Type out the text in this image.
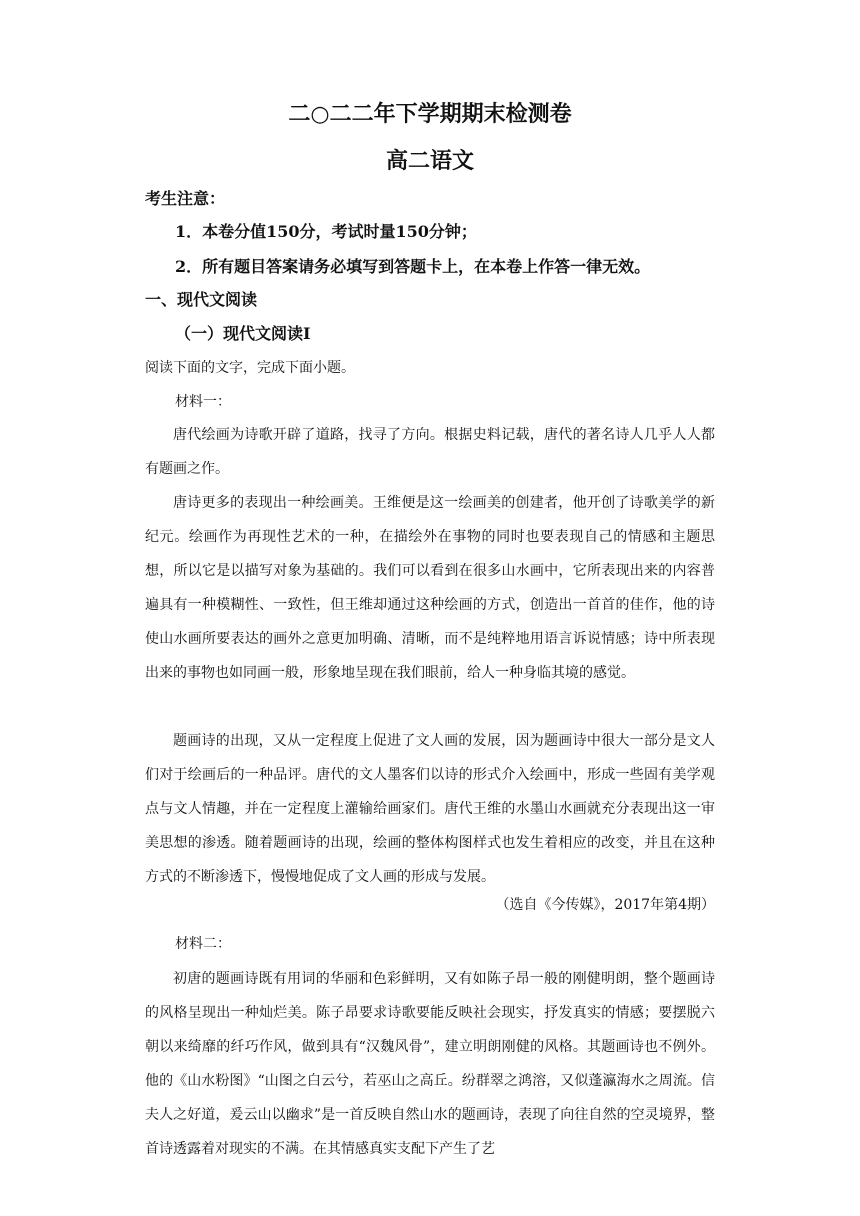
二○二二年下学期期末检测卷
高二语文
考生注意：
1．本卷分值150分，考试时量150分钟；
2．所有题目答案请务必填写到答题卡上，在本卷上作答一律无效。
一、现代文阅读
（一）现代文阅读I
阅读下面的文字，完成下面小题。
材料一：
唐代绘画为诗歌开辟了道路，找寻了方向。根据史料记载，唐代的著名诗人几乎人人都有题画之作。
唐诗更多的表现出一种绘画美。王维便是这一绘画美的创建者，他开创了诗歌美学的新纪元。绘画作为再现性艺术的一种，在描绘外在事物的同时也要表现自己的情感和主题思想，所以它是以描写对象为基础的。我们可以看到在很多山水画中，它所表现出来的内容普遍具有一种模糊性、一致性，但王维却通过这种绘画的方式，创造出一首首的佳作，他的诗使山水画所要表达的画外之意更加明确、清晰，而不是纯粹地用语言诉说情感；诗中所表现出来的事物也如同画一般，形象地呈现在我们眼前，给人一种身临其境的感觉。
题画诗的出现，又从一定程度上促进了文人画的发展，因为题画诗中很大一部分是文人们对于绘画后的一种品评。唐代的文人墨客们以诗的形式介入绘画中，形成一些固有美学观点与文人情趣，并在一定程度上灌输给画家们。唐代王维的水墨山水画就充分表现出这一审美思想的渗透。随着题画诗的出现，绘画的整体构图样式也发生着相应的改变，并且在这种方式的不断渗透下，慢慢地促成了文人画的形成与发展。
（选自《今传媒》，2017年第4期）
材料二：
初唐的题画诗既有用词的华丽和色彩鲜明，又有如陈子昂一般的刚健明朗，整个题画诗的风格呈现出一种灿烂美。陈子昂要求诗歌要能反映社会现实，抒发真实的情感；要摆脱六朝以来绮靡的纤巧作风，做到具有“汉魏风骨”，建立明朗刚健的风格。其题画诗也不例外。他的《山水粉图》“山图之白云兮，若巫山之高丘。纷群翠之鸿溶，又似蓬瀛海水之周流。信夫人之好道，爰云山以幽求”是一首反映自然山水的题画诗，表现了向往自然的空灵境界，整首诗透露着对现实的不满。在其情感真实支配下产生了艺
